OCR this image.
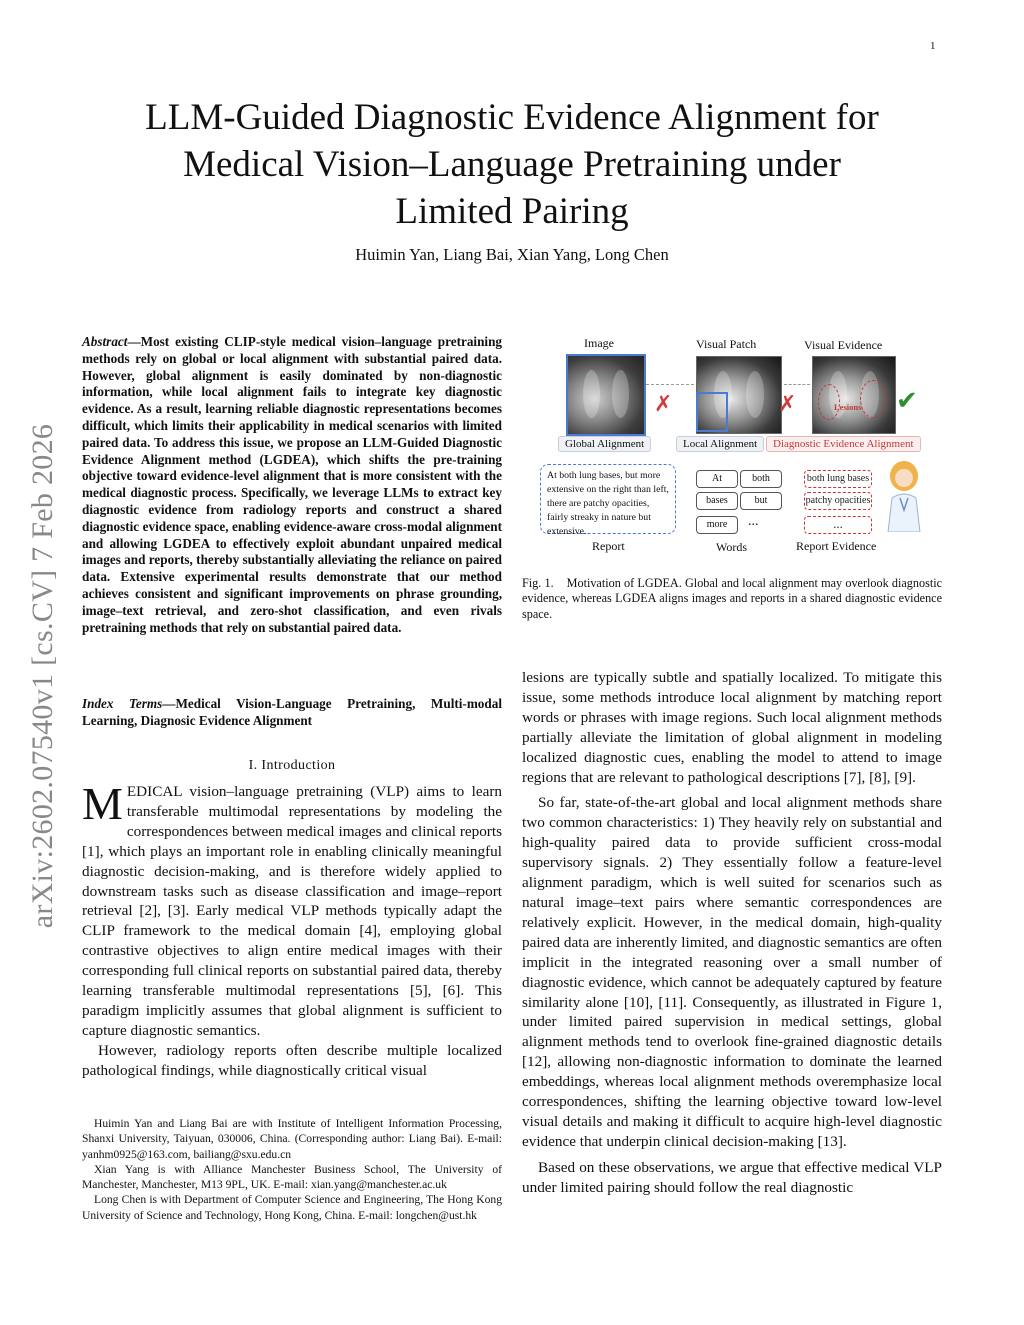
1
LLM-Guided Diagnostic Evidence Alignment for
Medical Vision–Language Pretraining under
Limited Pairing
Huimin Yan, Liang Bai, Xian Yang, Long Chen
arXiv:2602.07540v1 [cs.CV] 7 Feb 2026
Abstract—Most existing CLIP-style medical vision–language pretraining methods rely on global or local alignment with substantial paired data. However, global alignment is easily dominated by non-diagnostic information, while local alignment fails to integrate key diagnostic evidence. As a result, learning reliable diagnostic representations becomes difficult, which limits their applicability in medical scenarios with limited paired data. To address this issue, we propose an LLM-Guided Diagnostic Evidence Alignment method (LGDEA), which shifts the pre-training objective toward evidence-level alignment that is more consistent with the medical diagnostic process. Specifically, we leverage LLMs to extract key diagnostic evidence from radiology reports and construct a shared diagnostic evidence space, enabling evidence-aware cross-modal alignment and allowing LGDEA to effectively exploit abundant unpaired medical images and reports, thereby substantially alleviating the reliance on paired data. Extensive experimental results demonstrate that our method achieves consistent and significant improvements on phrase grounding, image–text retrieval, and zero-shot classification, and even rivals pretraining methods that rely on substantial paired data.
Index Terms—Medical Vision-Language Pretraining, Multi-modal Learning, Diagnosic Evidence Alignment
I. Introduction

MEDICAL vision–language pretraining (VLP) aims to learn transferable multimodal representations by modeling the correspondences between medical images and clinical reports [1], which plays an important role in enabling clinically meaningful diagnostic decision-making, and is therefore widely applied to downstream tasks such as disease classification and image–report retrieval [2], [3]. Early medical VLP methods typically adapt the CLIP framework to the medical domain [4], employing global contrastive objectives to align entire medical images with their corresponding full clinical reports on substantial paired data, thereby learning transferable multimodal representations [5], [6]. This paradigm implicitly assumes that global alignment is sufficient to capture diagnostic semantics.

However, radiology reports often describe multiple localized pathological findings, while diagnostically critical visual

Huimin Yan and Liang Bai are with Institute of Intelligent Information Processing, Shanxi University, Taiyuan, 030006, China. (Corresponding author: Liang Bai). E-mail: yanhm0925@163.com, bailiang@sxu.edu.cn

Xian Yang is with Alliance Manchester Business School, The University of Manchester, Manchester, M13 9PL, UK. E-mail: xian.yang@manchester.ac.uk

Long Chen is with Department of Computer Science and Engineering, The Hong Kong University of Science and Technology, Hong Kong, China. E-mail: longchen@ust.hk

Image	Visual Patch	Visual Evidence
Lesions
✗	✗	✔
Global Alignment	Local Alignment	Diagnostic Evidence Alignment
At both lung bases, but more extensive on the right than left, there are patchy opacities, fairly streaky in nature but extensive.
At	both
bases	but
more	...
both lung bases
patchy opacities
...
Report	Words	Report Evidence
Fig. 1. Motivation of LGDEA. Global and local alignment may overlook diagnostic evidence, whereas LGDEA aligns images and reports in a shared diagnostic evidence space.

lesions are typically subtle and spatially localized. To mitigate this issue, some methods introduce local alignment by matching report words or phrases with image regions. Such local alignment methods partially alleviate the limitation of global alignment in modeling localized diagnostic cues, enabling the model to attend to image regions that are relevant to pathological descriptions [7], [8], [9].

So far, state-of-the-art global and local alignment methods share two common characteristics: 1) They heavily rely on substantial and high-quality paired data to provide sufficient cross-modal supervisory signals. 2) They essentially follow a feature-level alignment paradigm, which is well suited for scenarios such as natural image–text pairs where semantic correspondences are relatively explicit. However, in the medical domain, high-quality paired data are inherently limited, and diagnostic semantics are often implicit in the integrated reasoning over a small number of diagnostic evidence, which cannot be adequately captured by feature similarity alone [10], [11]. Consequently, as illustrated in Figure 1, under limited paired supervision in medical settings, global alignment methods tend to overlook fine-grained diagnostic details [12], allowing non-diagnostic information to dominate the learned embeddings, whereas local alignment methods overemphasize local correspondences, shifting the learning objective toward low-level visual details and making it difficult to acquire high-level diagnostic evidence that underpin clinical decision-making [13].

Based on these observations, we argue that effective medical VLP under limited pairing should follow the real diagnostic
